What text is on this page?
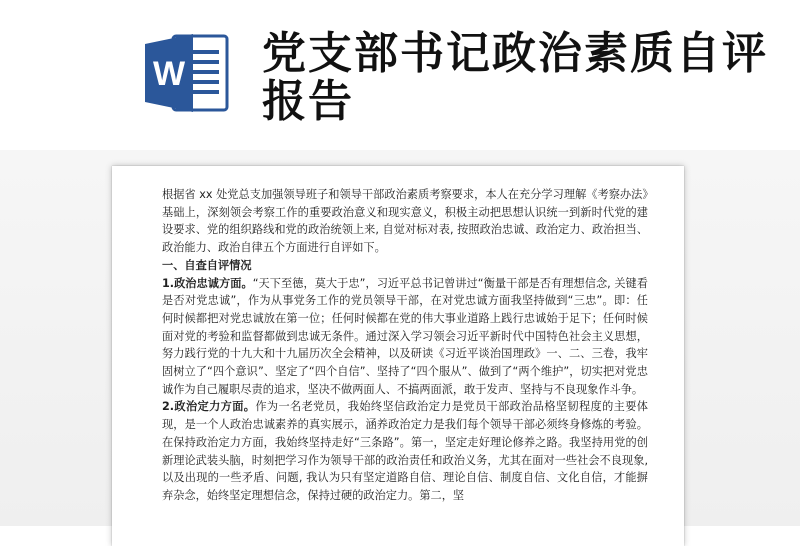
W 党支部书记政治素质自评报告

根据省 xx 处党总支加强领导班子和领导干部政治素质考察要求，本人在充分学习理解《考察办法》基础上，深刻领会考察工作的重要政治意义和现实意义，积极主动把思想认识统一到新时代党的建设要求、党的组织路线和党的政治统领上来, 自觉对标对表, 按照政治忠诚、政治定力、政治担当、政治能力、政治自律五个方面进行自评如下。

一、自查自评情况

1.政治忠诚方面。“天下至德，莫大于忠”，习近平总书记曾讲过“衡量干部是否有理想信念, 关键看是否对党忠诚”，作为从事党务工作的党员领导干部，在对党忠诚方面我坚持做到“三忠”。即：任何时候都把对党忠诚放在第一位；任何时候都在党的伟大事业道路上践行忠诚始于足下；任何时候面对党的考验和监督都做到忠诚无条件。通过深入学习领会习近平新时代中国特色社会主义思想，努力践行党的十九大和十九届历次全会精神，以及研读《习近平谈治国理政》一、二、三卷，我牢固树立了“四个意识”、坚定了“四个自信”、坚持了“四个服从”、做到了“两个维护”，切实把对党忠诚作为自己履职尽责的追求，坚决不做两面人、不搞两面派，敢于发声、坚持与不良现象作斗争。

2.政治定力方面。作为一名老党员，我始终坚信政治定力是党员干部政治品格坚韧程度的主要体现，是一个人政治忠诚素养的真实展示，涵养政治定力是我们每个领导干部必须终身修炼的考验。在保持政治定力方面，我始终坚持走好“三条路”。第一，坚定走好理论修养之路。我坚持用党的创新理论武装头脑，时刻把学习作为领导干部的政治责任和政治义务，尤其在面对一些社会不良现象, 以及出现的一些矛盾、问题, 我认为只有坚定道路自信、理论自信、制度自信、文化自信，才能摒弃杂念，始终坚定理想信念，保持过硬的政治定力。第二，坚
